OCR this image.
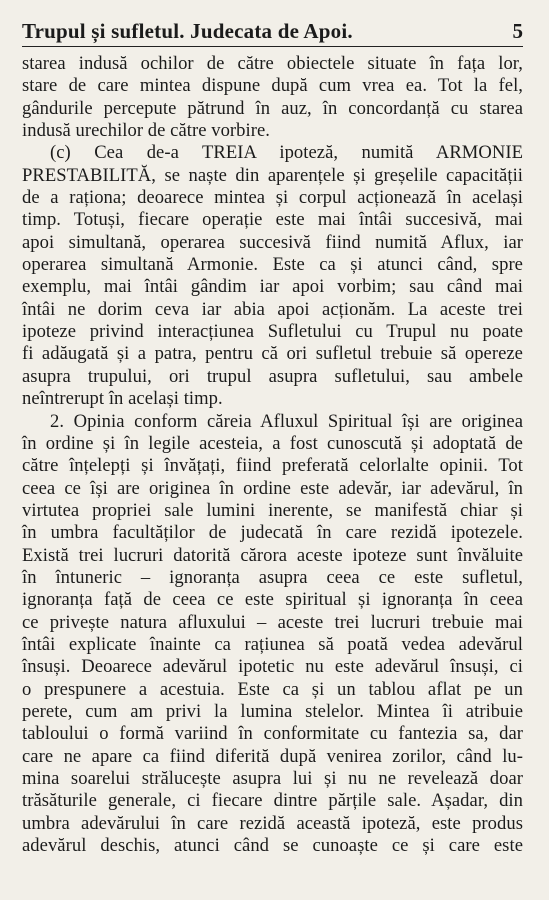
Trupul și sufletul. Judecata de Apoi.	5
starea indusă ochilor de către obiectele situate în fața lor,
stare de care mintea dispune după cum vrea ea. Tot la fel,
gândurile percepute pătrund în auz, în concordanță cu starea
indusă urechilor de către vorbire.
(c) Cea de-a TREIA ipoteză, numită ARMONIE
PRESTABILITĂ, se naște din aparențele și greșelile capacității
de a raționa; deoarece mintea și corpul acționează în același
timp. Totuși, fiecare operație este mai întâi succesivă, mai
apoi simultană, operarea succesivă fiind numită Aflux, iar
operarea simultană Armonie. Este ca și atunci când, spre
exemplu, mai întâi gândim iar apoi vorbim; sau când mai
întâi ne dorim ceva iar abia apoi acționăm. La aceste trei
ipoteze privind interacțiunea Sufletului cu Trupul nu poate
fi adăugată și a patra, pentru că ori sufletul trebuie să opereze
asupra trupului, ori trupul asupra sufletului, sau ambele
neîntrerupt în același timp.
2. Opinia conform căreia Afluxul Spiritual își are originea
în ordine și în legile acesteia, a fost cunoscută și adoptată de
către înțelepți și învățați, fiind preferată celorlalte opinii. Tot
ceea ce își are originea în ordine este adevăr, iar adevărul, în
virtutea propriei sale lumini inerente, se manifestă chiar și
în umbra facultăților de judecată în care rezidă ipotezele.
Există trei lucruri datorită cărora aceste ipoteze sunt învăluite
în întuneric – ignoranța asupra ceea ce este sufletul,
ignoranța față de ceea ce este spiritual și ignoranța în ceea
ce privește natura afluxului – aceste trei lucruri trebuie mai
întâi explicate înainte ca rațiunea să poată vedea adevărul
însuși. Deoarece adevărul ipotetic nu este adevărul însuși, ci
o prespunere a acestuia. Este ca și un tablou aflat pe un
perete, cum am privi la lumina stelelor. Mintea îi atribuie
tabloului o formă variind în conformitate cu fantezia sa, dar
care ne apare ca fiind diferită după venirea zorilor, când lu-
mina soarelui strălucește asupra lui și nu ne revelează doar
trăsăturile generale, ci fiecare dintre părțile sale. Așadar, din
umbra adevărului în care rezidă această ipoteză, este produs
adevărul deschis, atunci când se cunoaște ce și care este
